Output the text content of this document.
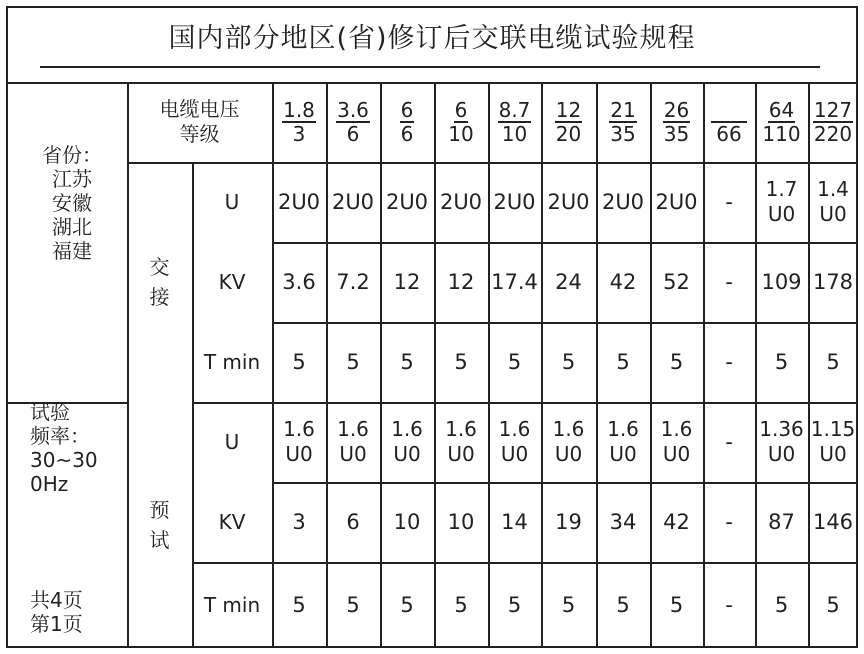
国内部分地区(省)修订后交联电缆试验规程
电缆电压
等级	$\frac{1.8}{3} \frac{3.6}{6} \frac{6}{6} \frac{6}{10} \frac{8.7}{10} \frac{12}{20} \frac{21}{35} \frac{26}{35} 66 \frac{64}{110} \frac{127}{220}$
交
接
U 2U0 2U0 2U0 2U0 2U0 2U0 2U0 2U0 -
1.7
U0
1.4
U0
KV 3.6 7.2 12 12 17.4 24 42 52 - 109 178
T min 5 5 5 5 5 5 5 5 - 5 5
预
试
U
1.6
U0
1.6
U0
1.6
U0
1.6
U0
1.6
U0
1.6
U0
1.6
U0
1.6
U0 -
1.36
U0
1.15
U0
KV 3 6 10 10 14 19 34 42 - 87 146
T min 5 5 5 5 5 5 5 5 - 5 5
省份：
江苏
安徽
湖北
福建
试验
频率：
30~30
0Hz
共4页
第1页
